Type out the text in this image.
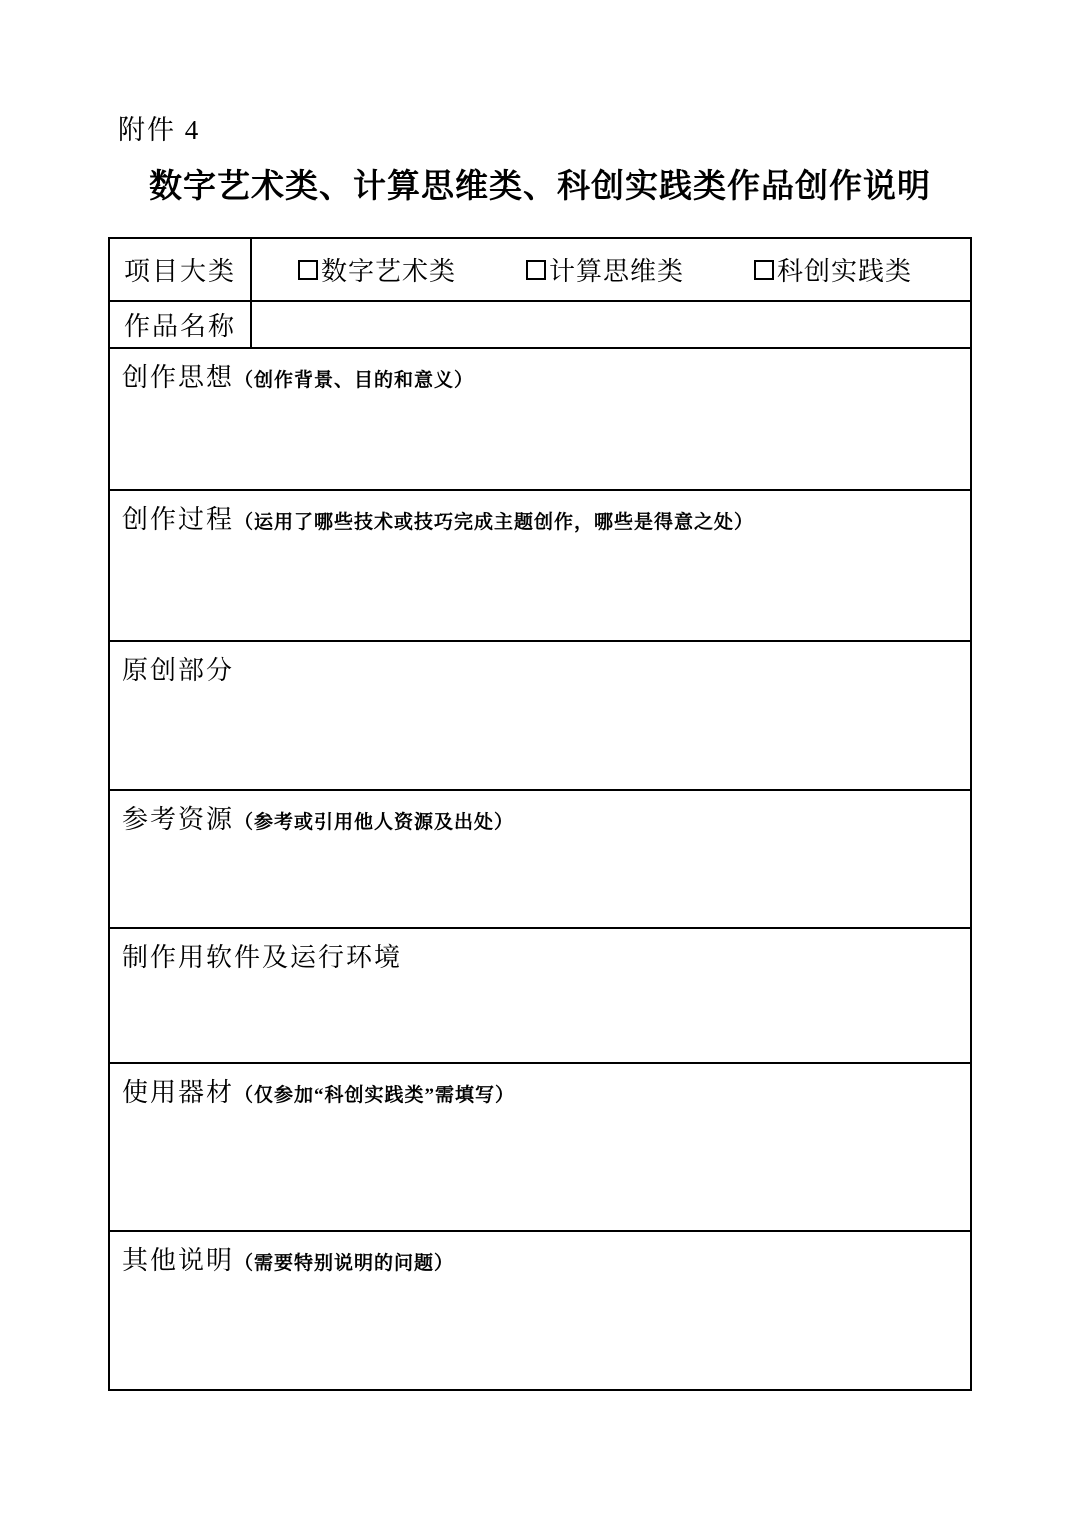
附件 4
数字艺术类、计算思维类、科创实践类作品创作说明
项目大类	数字艺术类	计算思维类	科创实践类
作品名称
创作思想（创作背景、目的和意义）
创作过程（运用了哪些技术或技巧完成主题创作，哪些是得意之处）
原创部分
参考资源（参考或引用他人资源及出处）
制作用软件及运行环境
使用器材（仅参加“科创实践类”需填写）
其他说明（需要特别说明的问题）
